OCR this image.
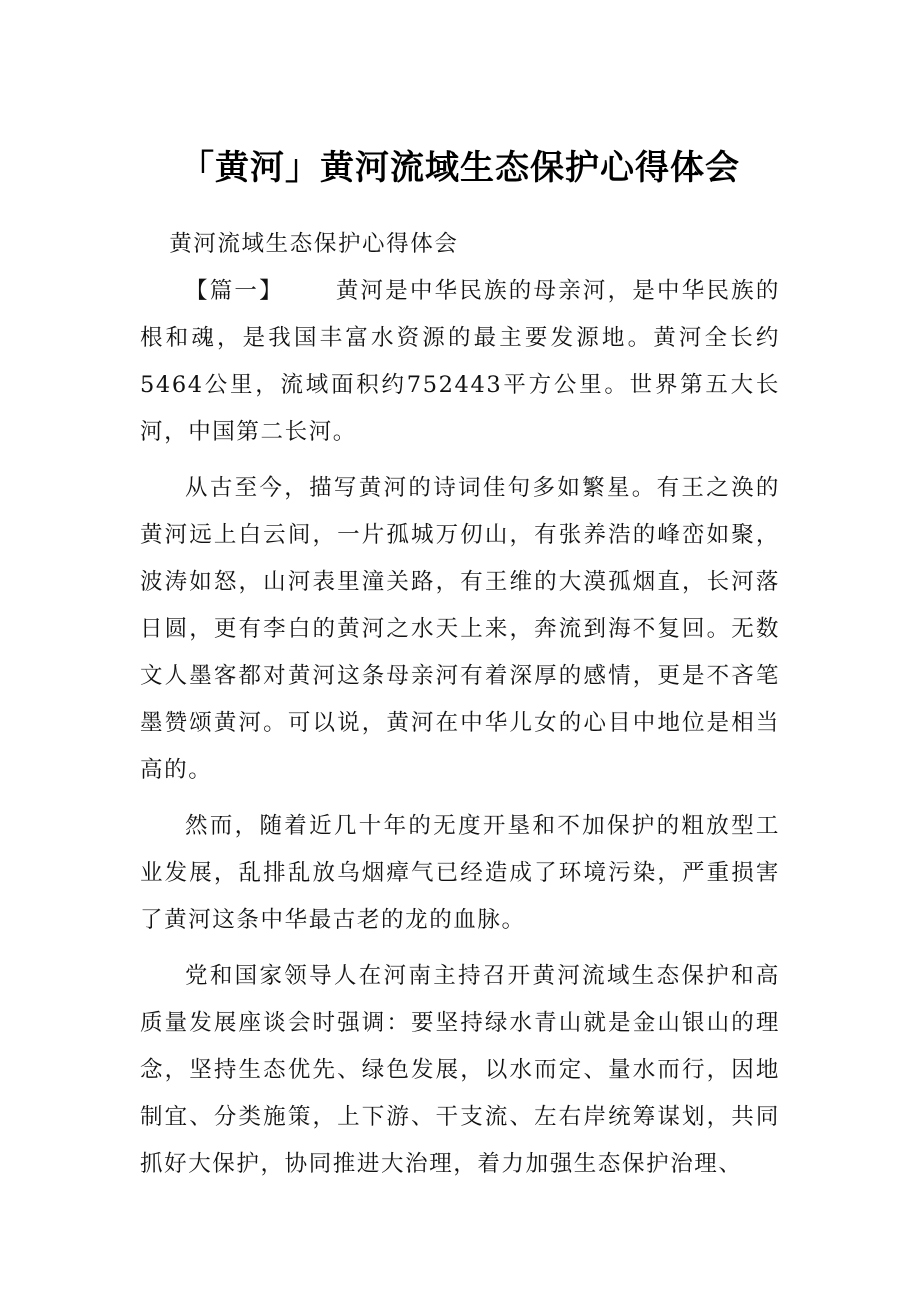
「黄河」黄河流域生态保护心得体会

黄河流域生态保护心得体会

【篇一】 黄河是中华民族的母亲河，是中华民族的根和魂，是我国丰富水资源的最主要发源地。黄河全长约5464公里，流域面积约752443平方公里。世界第五大长河，中国第二长河。

从古至今，描写黄河的诗词佳句多如繁星。有王之涣的黄河远上白云间，一片孤城万仞山，有张养浩的峰峦如聚，波涛如怒，山河表里潼关路，有王维的大漠孤烟直，长河落日圆，更有李白的黄河之水天上来，奔流到海不复回。无数文人墨客都对黄河这条母亲河有着深厚的感情，更是不吝笔墨赞颂黄河。可以说，黄河在中华儿女的心目中地位是相当高的。

然而，随着近几十年的无度开垦和不加保护的粗放型工业发展，乱排乱放乌烟瘴气已经造成了环境污染，严重损害了黄河这条中华最古老的龙的血脉。

党和国家领导人在河南主持召开黄河流域生态保护和高质量发展座谈会时强调：要坚持绿水青山就是金山银山的理念，坚持生态优先、绿色发展，以水而定、量水而行，因地制宜、分类施策，上下游、干支流、左右岸统筹谋划，共同抓好大保护，协同推进大治理，着力加强生态保护治理、
